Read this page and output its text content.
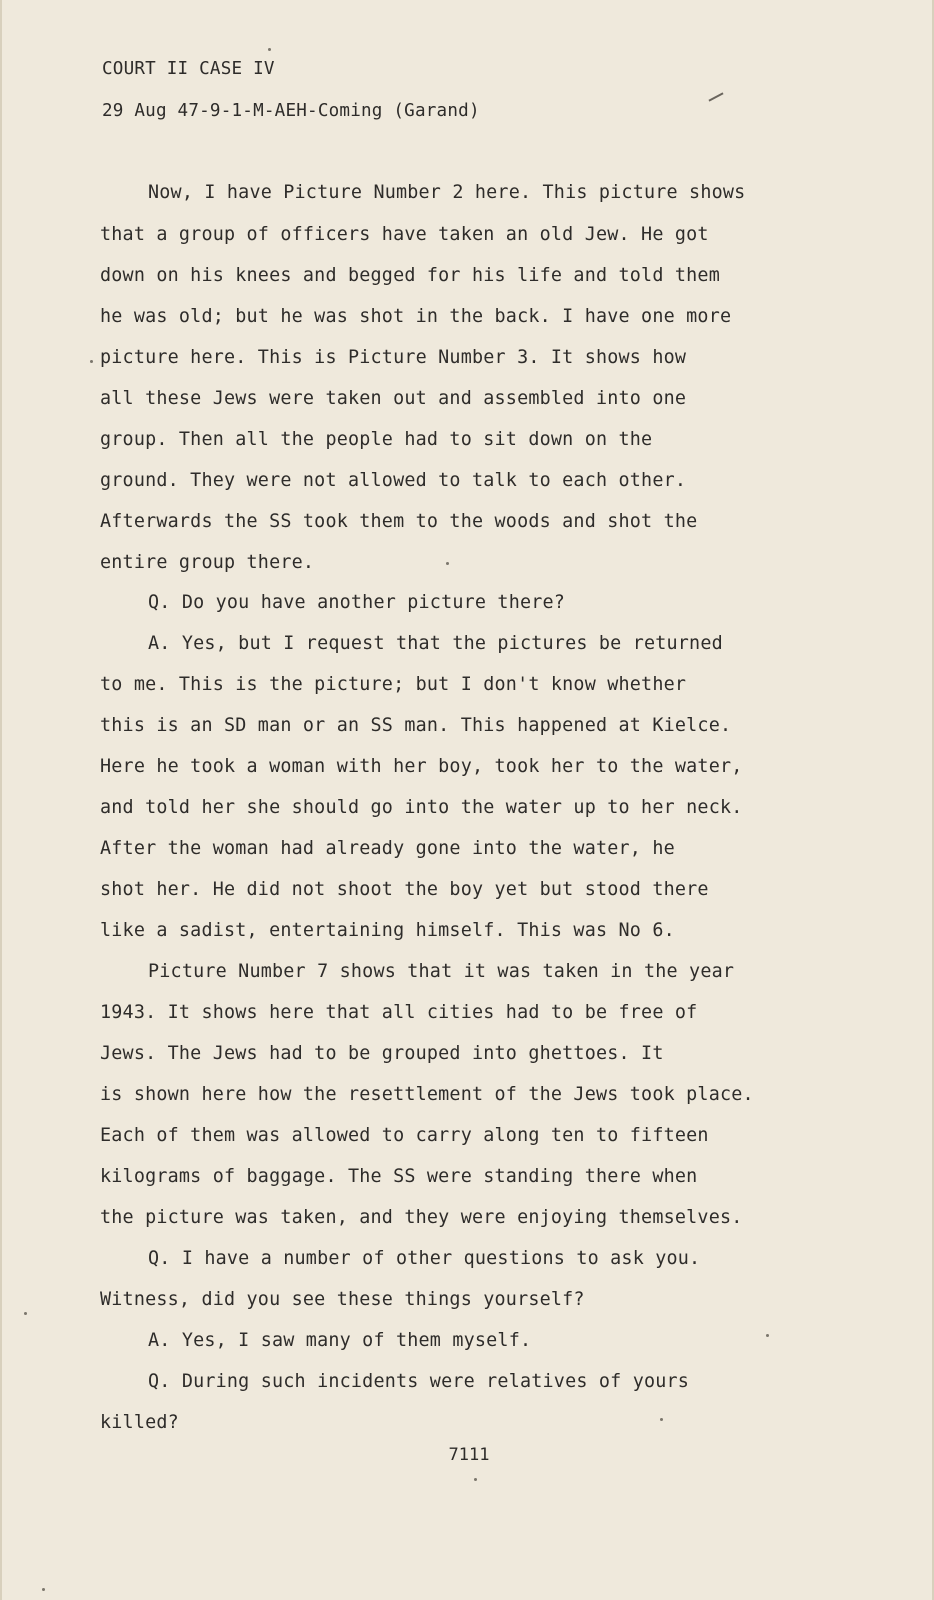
COURT II CASE IV
29 Aug 47-9-1-M-AEH-Coming (Garand)
Now, I have Picture Number 2 here. This picture shows
that a group of officers have taken an old Jew. He got
down on his knees and begged for his life and told them
he was old; but he was shot in the back. I have one more
picture here. This is Picture Number 3. It shows how
all these Jews were taken out and assembled into one
group. Then all the people had to sit down on the
ground. They were not allowed to talk to each other.
Afterwards the SS took them to the woods and shot the
entire group there.
Q. Do you have another picture there?
A. Yes, but I request that the pictures be returned
to me. This is the picture; but I don't know whether
this is an SD man or an SS man. This happened at Kielce.
Here he took a woman with her boy, took her to the water,
and told her she should go into the water up to her neck.
After the woman had already gone into the water, he
shot her. He did not shoot the boy yet but stood there
like a sadist, entertaining himself. This was No 6.
Picture Number 7 shows that it was taken in the year
1943. It shows here that all cities had to be free of
Jews. The Jews had to be grouped into ghettoes. It
is shown here how the resettlement of the Jews took place.
Each of them was allowed to carry along ten to fifteen
kilograms of baggage. The SS were standing there when
the picture was taken, and they were enjoying themselves.
Q. I have a number of other questions to ask you.
Witness, did you see these things yourself?
A. Yes, I saw many of them myself.
Q. During such incidents were relatives of yours
killed?
7111
